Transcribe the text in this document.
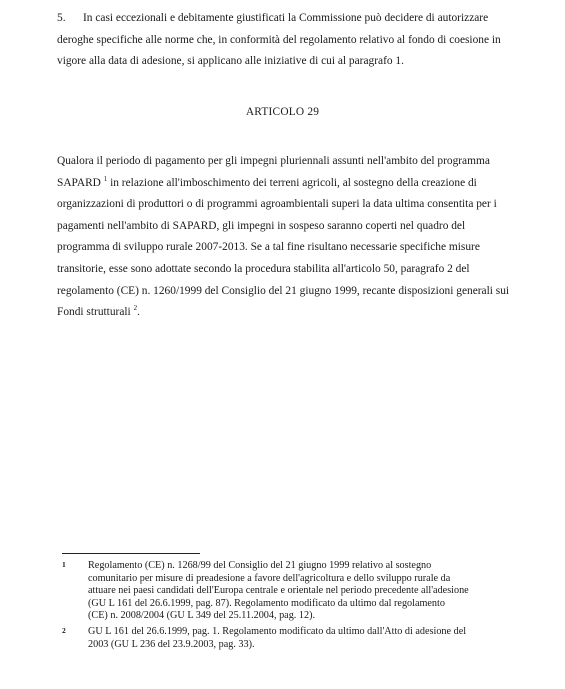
5. In casi eccezionali e debitamente giustificati la Commissione può decidere di autorizzare
deroghe specifiche alle norme che, in conformità del regolamento relativo al fondo di coesione in
vigore alla data di adesione, si applicano alle iniziative di cui al paragrafo 1.
ARTICOLO 29
Qualora il periodo di pagamento per gli impegni pluriennali assunti nell'ambito del programma
SAPARD $^1$ in relazione all'imboschimento dei terreni agricoli, al sostegno della creazione di
organizzazioni di produttori o di programmi agroambientali superi la data ultima consentita per i
pagamenti nell'ambito di SAPARD, gli impegni in sospeso saranno coperti nel quadro del
programma di sviluppo rurale 2007-2013. Se a tal fine risultano necessarie specifiche misure
transitorie, esse sono adottate secondo la procedura stabilita all'articolo 50, paragrafo 2 del
regolamento (CE) n. 1260/1999 del Consiglio del 21 giugno 1999, recante disposizioni generali sui
Fondi strutturali $^2$.
1 Regolamento (CE) n. 1268/99 del Consiglio del 21 giugno 1999 relativo al sostegno
comunitario per misure di preadesione a favore dell'agricoltura e dello sviluppo rurale da
attuare nei paesi candidati dell'Europa centrale e orientale nel periodo precedente all'adesione
(GU L 161 del 26.6.1999, pag. 87). Regolamento modificato da ultimo dal regolamento
(CE) n. 2008/2004 (GU L 349 del 25.11.2004, pag. 12).
2 GU L 161 del 26.6.1999, pag. 1. Regolamento modificato da ultimo dall'Atto di adesione del
2003 (GU L 236 del 23.9.2003, pag. 33).
